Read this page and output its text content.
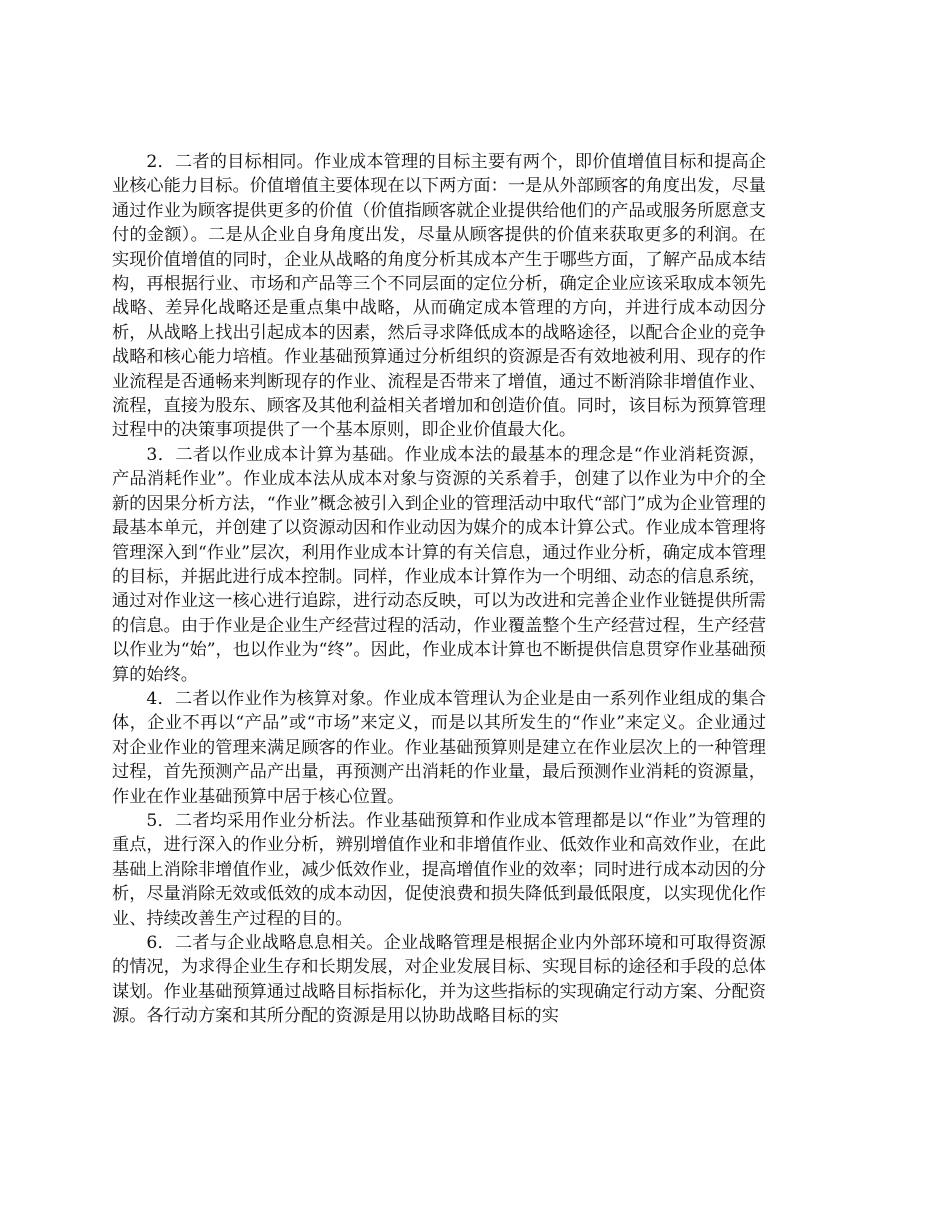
2．二者的目标相同。作业成本管理的目标主要有两个，即价值增值目标和提高企业核心能力目标。价值增值主要体现在以下两方面：一是从外部顾客的角度出发，尽量通过作业为顾客提供更多的价值（价值指顾客就企业提供给他们的产品或服务所愿意支付的金额）。二是从企业自身角度出发，尽量从顾客提供的价值来获取更多的利润。在实现价值增值的同时，企业从战略的角度分析其成本产生于哪些方面，了解产品成本结构，再根据行业、市场和产品等三个不同层面的定位分析，确定企业应该采取成本领先战略、差异化战略还是重点集中战略，从而确定成本管理的方向，并进行成本动因分析，从战略上找出引起成本的因素，然后寻求降低成本的战略途径，以配合企业的竞争战略和核心能力培植。作业基础预算通过分析组织的资源是否有效地被利用、现存的作业流程是否通畅来判断现存的作业、流程是否带来了增值，通过不断消除非增值作业、流程，直接为股东、顾客及其他利益相关者增加和创造价值。同时，该目标为预算管理过程中的决策事项提供了一个基本原则，即企业价值最大化。

3．二者以作业成本计算为基础。作业成本法的最基本的理念是“作业消耗资源，产品消耗作业”。作业成本法从成本对象与资源的关系着手，创建了以作业为中介的全新的因果分析方法，“作业”概念被引入到企业的管理活动中取代“部门”成为企业管理的最基本单元，并创建了以资源动因和作业动因为媒介的成本计算公式。作业成本管理将管理深入到“作业”层次，利用作业成本计算的有关信息，通过作业分析，确定成本管理的目标，并据此进行成本控制。同样，作业成本计算作为一个明细、动态的信息系统，通过对作业这一核心进行追踪，进行动态反映，可以为改进和完善企业作业链提供所需的信息。由于作业是企业生产经营过程的活动，作业覆盖整个生产经营过程，生产经营以作业为“始”，也以作业为“终”。因此，作业成本计算也不断提供信息贯穿作业基础预算的始终。

4．二者以作业作为核算对象。作业成本管理认为企业是由一系列作业组成的集合体，企业不再以“产品”或“市场”来定义，而是以其所发生的“作业”来定义。企业通过对企业作业的管理来满足顾客的作业。作业基础预算则是建立在作业层次上的一种管理过程，首先预测产品产出量，再预测产出消耗的作业量，最后预测作业消耗的资源量，作业在作业基础预算中居于核心位置。

5．二者均采用作业分析法。作业基础预算和作业成本管理都是以“作业”为管理的重点，进行深入的作业分析，辨别增值作业和非增值作业、低效作业和高效作业，在此基础上消除非增值作业，减少低效作业，提高增值作业的效率；同时进行成本动因的分析，尽量消除无效或低效的成本动因，促使浪费和损失降低到最低限度，以实现优化作业、持续改善生产过程的目的。

6．二者与企业战略息息相关。企业战略管理是根据企业内外部环境和可取得资源的情况，为求得企业生存和长期发展，对企业发展目标、实现目标的途径和手段的总体谋划。作业基础预算通过战略目标指标化，并为这些指标的实现确定行动方案、分配资源。各行动方案和其所分配的资源是用以协助战略目标的实
